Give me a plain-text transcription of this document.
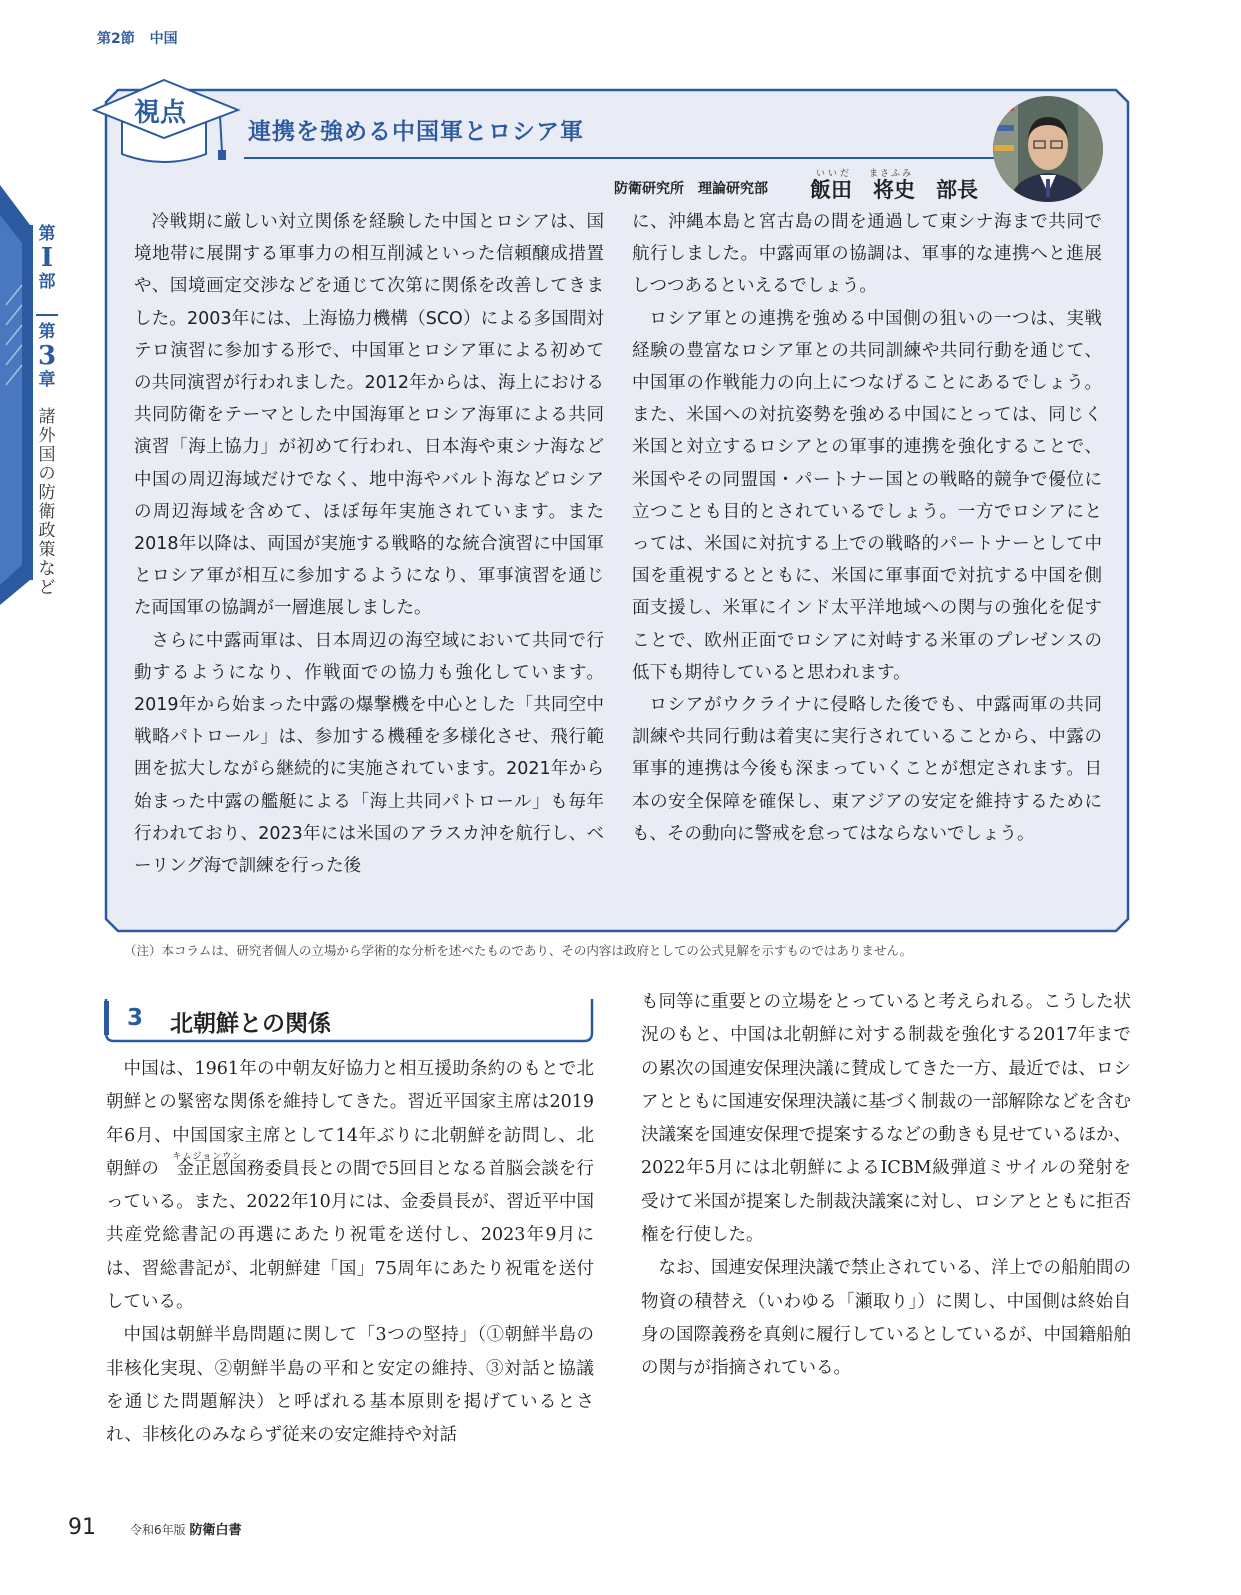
第2節 中国
第
I
部
第
3
章
諸外国の防衛政策など
視点
連携を強める中国軍とロシア軍
防衛研究所 理論研究部
いいだ まさふみ
飯田　将史　部長

冷戦期に厳しい対立関係を経験した中国とロシアは、国境地帯に展開する軍事力の相互削減といった信頼醸成措置や、国境画定交渉などを通じて次第に関係を改善してきました。2003年には、上海協力機構（SCO）による多国間対テロ演習に参加する形で、中国軍とロシア軍による初めての共同演習が行われました。2012年からは、海上における共同防衛をテーマとした中国海軍とロシア海軍による共同演習「海上協力」が初めて行われ、日本海や東シナ海など中国の周辺海域だけでなく、地中海やバルト海などロシアの周辺海域を含めて、ほぼ毎年実施されています。また2018年以降は、両国が実施する戦略的な統合演習に中国軍とロシア軍が相互に参加するようになり、軍事演習を通じた両国軍の協調が一層進展しました。

さらに中露両軍は、日本周辺の海空域において共同で行動するようになり、作戦面での協力も強化しています。2019年から始まった中露の爆撃機を中心とした「共同空中戦略パトロール」は、参加する機種を多様化させ、飛行範囲を拡大しながら継続的に実施されています。2021年から始まった中露の艦艇による「海上共同パトロール」も毎年行われており、2023年には米国のアラスカ沖を航行し、ベーリング海で訓練を行った後

に、沖縄本島と宮古島の間を通過して東シナ海まで共同で航行しました。中露両軍の協調は、軍事的な連携へと進展しつつあるといえるでしょう。

ロシア軍との連携を強める中国側の狙いの一つは、実戦経験の豊富なロシア軍との共同訓練や共同行動を通じて、中国軍の作戦能力の向上につなげることにあるでしょう。また、米国への対抗姿勢を強める中国にとっては、同じく米国と対立するロシアとの軍事的連携を強化することで、米国やその同盟国・パートナー国との戦略的競争で優位に立つことも目的とされているでしょう。一方でロシアにとっては、米国に対抗する上での戦略的パートナーとして中国を重視するとともに、米国に軍事面で対抗する中国を側面支援し、米軍にインド太平洋地域への関与の強化を促すことで、欧州正面でロシアに対峙する米軍のプレゼンスの低下も期待していると思われます。

ロシアがウクライナに侵略した後でも、中露両軍の共同訓練や共同行動は着実に実行されていることから、中露の軍事的連携は今後も深まっていくことが想定されます。日本の安全保障を確保し、東アジアの安定を維持するためにも、その動向に警戒を怠ってはならないでしょう。

（注）本コラムは、研究者個人の立場から学術的な分析を述べたものであり、その内容は政府としての公式見解を示すものではありません。
3 北朝鮮との関係

中国は、1961年の中朝友好協力と相互援助条約のもとで北朝鮮との緊密な関係を維持してきた。習近平国家主席は2019年6月、中国国家主席として14年ぶりに北朝鮮を訪問し、北朝鮮の
キムジョンウン
金正恩国務委員長との間で5回目となる首脳会談を行っている。また、2022年10月には、金委員長が、習近平中国共産党総書記の再選にあたり祝電を送付し、2023年9月には、習総書記が、北朝鮮建「国」75周年にあたり祝電を送付している。

中国は朝鮮半島問題に関して「3つの堅持」（①朝鮮半島の非核化実現、②朝鮮半島の平和と安定の維持、③対話と協議を通じた問題解決）と呼ばれる基本原則を掲げているとされ、非核化のみならず従来の安定維持や対話

も同等に重要との立場をとっていると考えられる。こうした状況のもと、中国は北朝鮮に対する制裁を強化する2017年までの累次の国連安保理決議に賛成してきた一方、最近では、ロシアとともに国連安保理決議に基づく制裁の一部解除などを含む決議案を国連安保理で提案するなどの動きも見せているほか、2022年5月には北朝鮮によるICBM級弾道ミサイルの発射を受けて米国が提案した制裁決議案に対し、ロシアとともに拒否権を行使した。

なお、国連安保理決議で禁止されている、洋上での船舶間の物資の積替え（いわゆる「瀬取り」）に関し、中国側は終始自身の国際義務を真剣に履行しているとしているが、中国籍船舶の関与が指摘されている。

91	令和6年版 防衛白書
